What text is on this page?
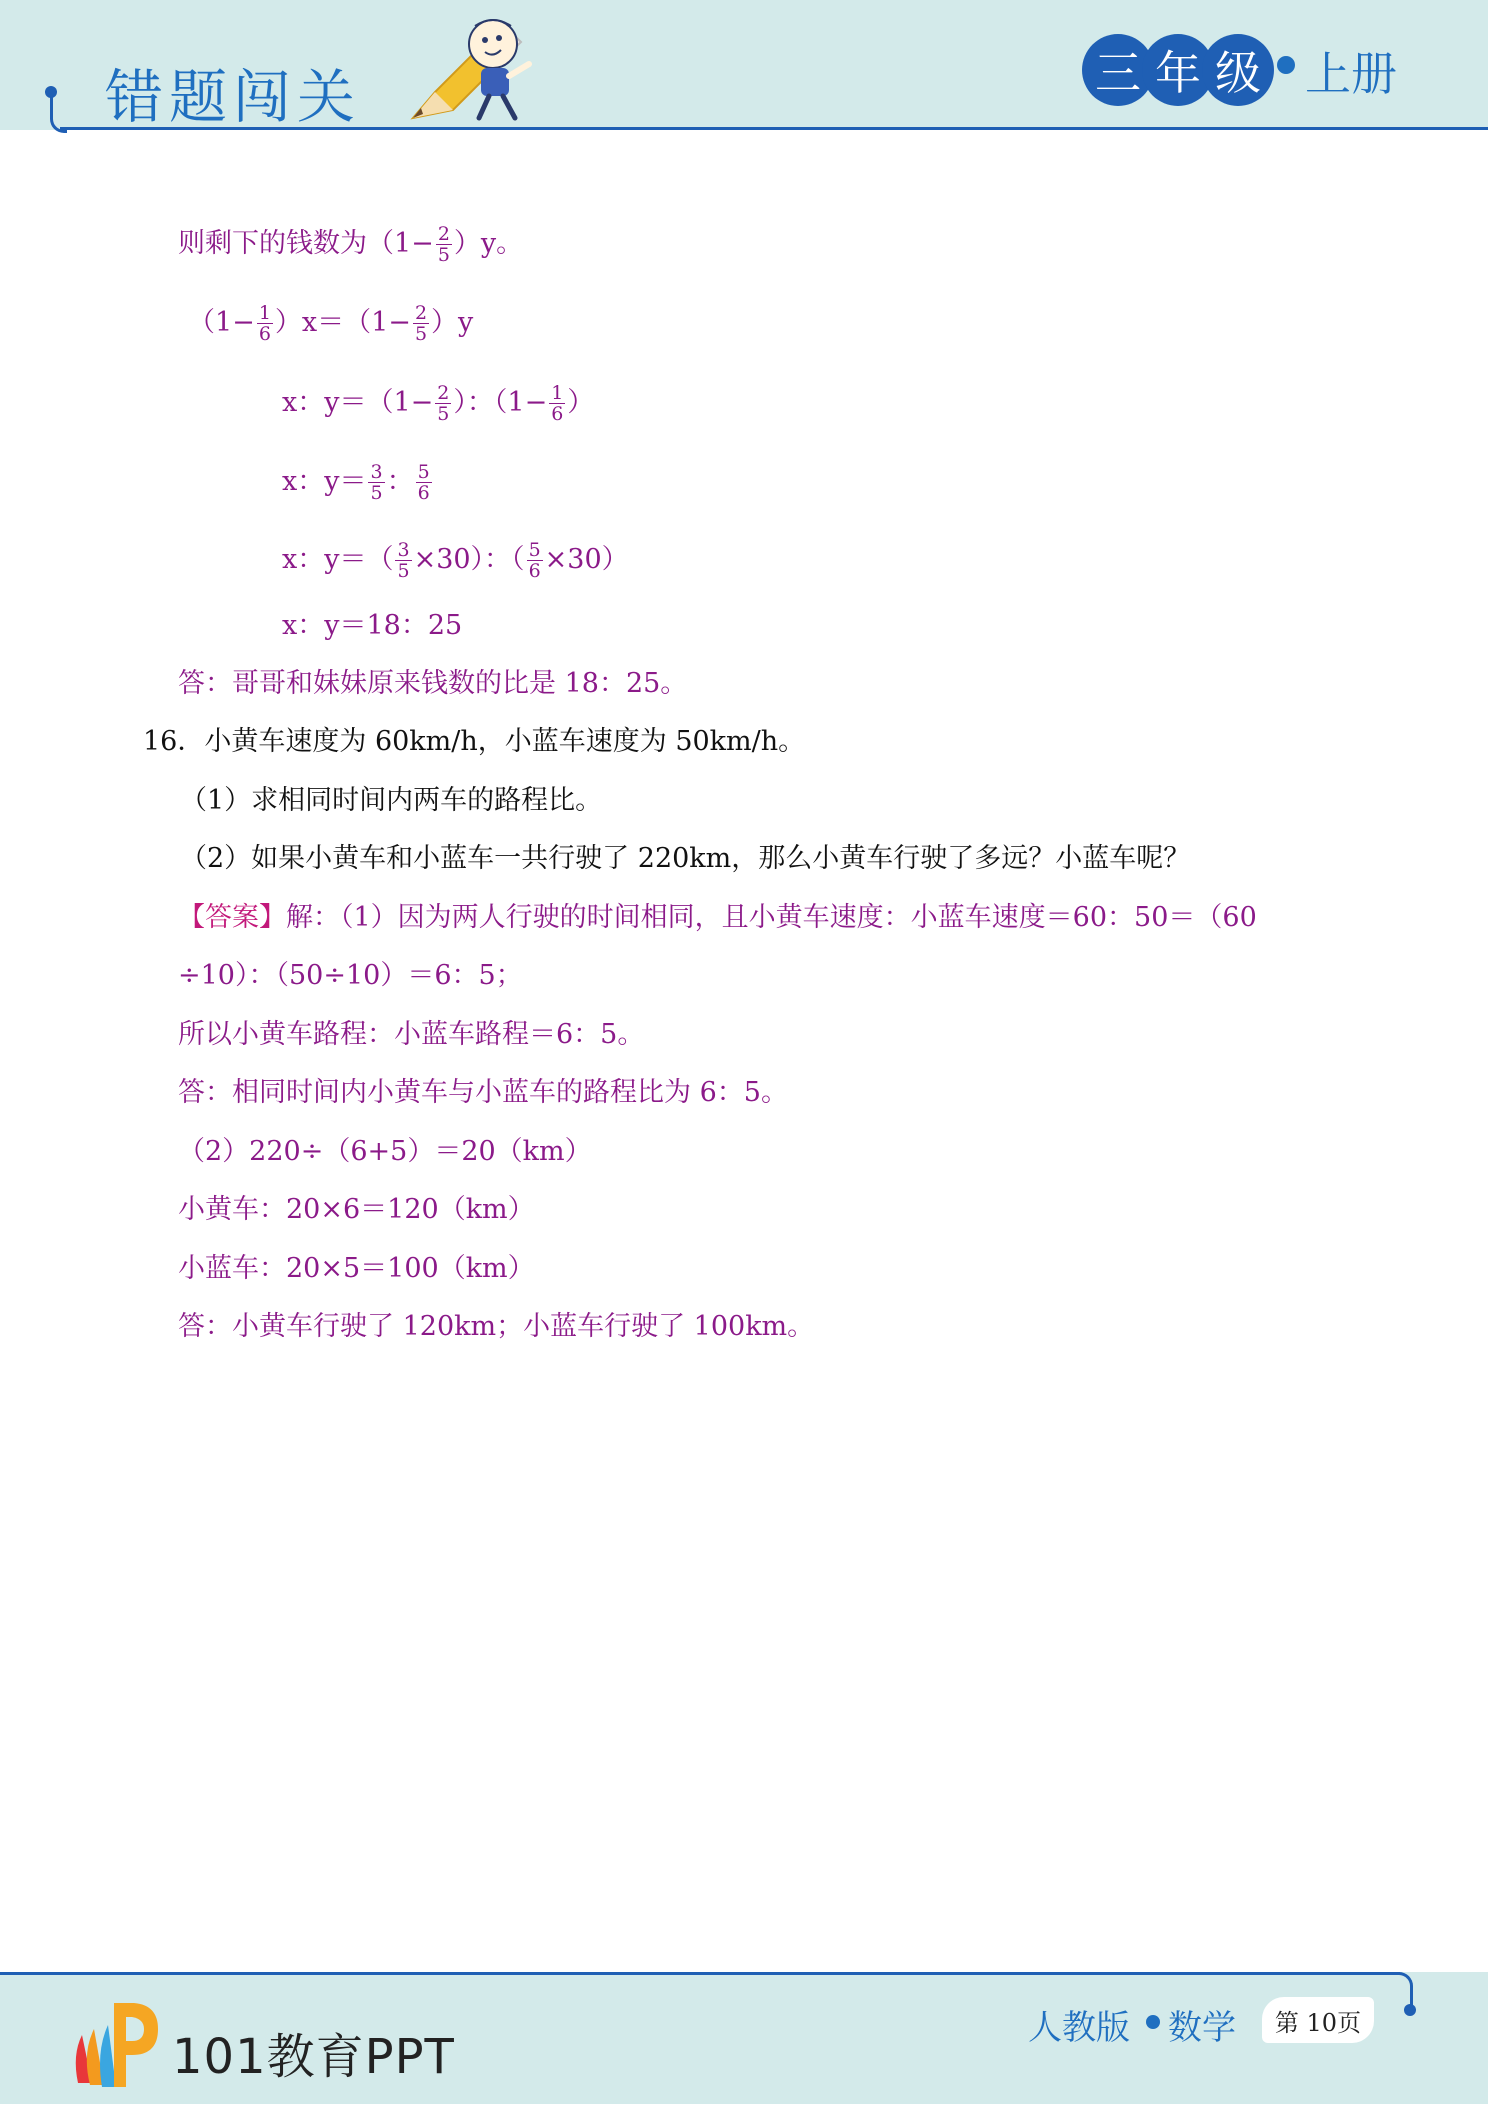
错题闯关	三 年 级 上册
则剩下的钱数为$(1- \frac{2}{5} )y$。
$(1- \frac{1}{6} )x=(1- \frac{2}{5} )y$
x：$y=(1- \frac{2}{5}$ ）：（$1- \frac{1}{6}$ ）
x：$y= \frac{3}{5}$ ： $\frac{5}{6}$
x：$y=( \frac{3}{5} \times 30)$：（ $\frac{5}{6} \times 30$）
x：y＝18：25
答：哥哥和妹妹原来钱数的比是 18：25。
16．小黄车速度为 60km/h，小蓝车速度为 50km/h。
（1）求相同时间内两车的路程比。
（2）如果小黄车和小蓝车一共行驶了 220km，那么小黄车行驶了多远？小蓝车呢？
【答案】解：（1）因为两人行驶的时间相同，且小黄车速度：小蓝车速度＝60：50＝（60
÷10）：（50÷10）＝6：5；
所以小黄车路程：小蓝车路程＝6：5。
答：相同时间内小黄车与小蓝车的路程比为 6：5。
（2）220÷（6+5）＝20（km）
小黄车：20×6＝120（km）
小蓝车：20×5＝100（km）
答：小黄车行驶了 120km；小蓝车行驶了 100km。
101教育PPT
人教版 数学	第 10页
